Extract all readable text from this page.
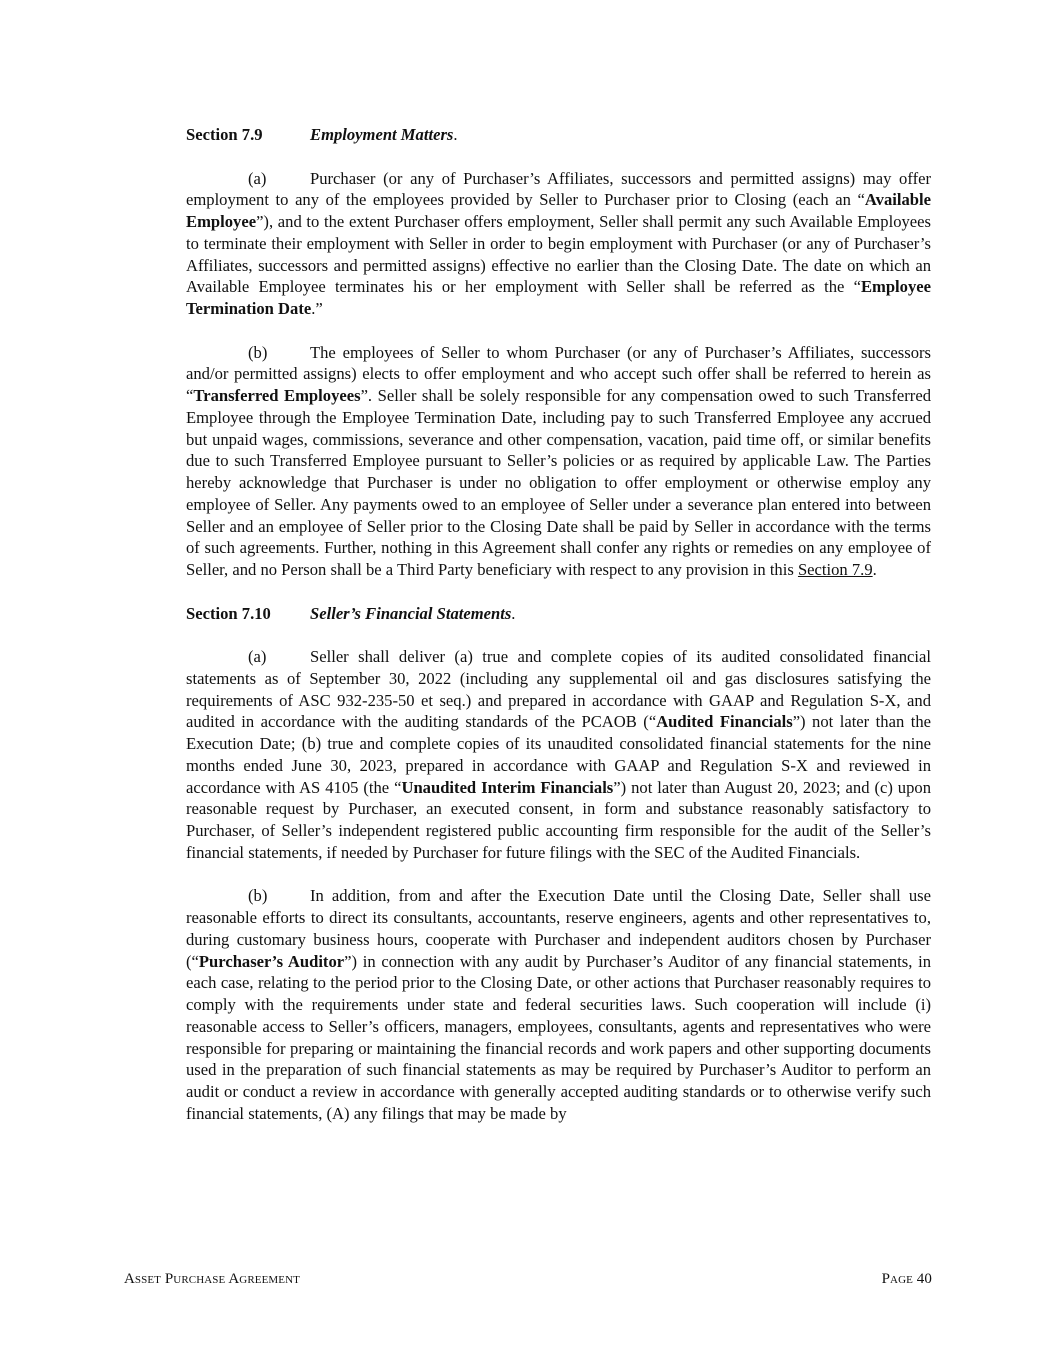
Section 7.9	Employment Matters.

(a)	Purchaser (or any of Purchaser’s Affiliates, successors and permitted assigns) may offer employment to any of the employees provided by Seller to Purchaser prior to Closing (each an “Available Employee”), and to the extent Purchaser offers employment, Seller shall permit any such Available Employees to terminate their employment with Seller in order to begin employment with Purchaser (or any of Purchaser’s Affiliates, successors and permitted assigns) effective no earlier than the Closing Date. The date on which an Available Employee terminates his or her employment with Seller shall be referred as the “Employee Termination Date.”

(b)	The employees of Seller to whom Purchaser (or any of Purchaser’s Affiliates, successors and/or permitted assigns) elects to offer employment and who accept such offer shall be referred to herein as “Transferred Employees”. Seller shall be solely responsible for any compensation owed to such Transferred Employee through the Employee Termination Date, including pay to such Transferred Employee any accrued but unpaid wages, commissions, severance and other compensation, vacation, paid time off, or similar benefits due to such Transferred Employee pursuant to Seller’s policies or as required by applicable Law. The Parties hereby acknowledge that Purchaser is under no obligation to offer employment or otherwise employ any employee of Seller. Any payments owed to an employee of Seller under a severance plan entered into between Seller and an employee of Seller prior to the Closing Date shall be paid by Seller in accordance with the terms of such agreements. Further, nothing in this Agreement shall confer any rights or remedies on any employee of Seller, and no Person shall be a Third Party beneficiary with respect to any provision in this Section 7.9.

Section 7.10 Seller’s Financial Statements.

(a)	Seller shall deliver (a) true and complete copies of its audited consolidated financial statements as of September 30, 2022 (including any supplemental oil and gas disclosures satisfying the requirements of ASC 932-235-50 et seq.) and prepared in accordance with GAAP and Regulation S-X, and audited in accordance with the auditing standards of the PCAOB (“Audited Financials”) not later than the Execution Date; (b) true and complete copies of its unaudited consolidated financial statements for the nine months ended June 30, 2023, prepared in accordance with GAAP and Regulation S-X and reviewed in accordance with AS 4105 (the “Unaudited Interim Financials”) not later than August 20, 2023; and (c) upon reasonable request by Purchaser, an executed consent, in form and substance reasonably satisfactory to Purchaser, of Seller’s independent registered public accounting firm responsible for the audit of the Seller’s financial statements, if needed by Purchaser for future filings with the SEC of the Audited Financials.

(b)	In addition, from and after the Execution Date until the Closing Date, Seller shall use reasonable efforts to direct its consultants, accountants, reserve engineers, agents and other representatives to, during customary business hours, cooperate with Purchaser and independent auditors chosen by Purchaser (“Purchaser’s Auditor”) in connection with any audit by Purchaser’s Auditor of any financial statements, in each case, relating to the period prior to the Closing Date, or other actions that Purchaser reasonably requires to comply with the requirements under state and federal securities laws. Such cooperation will include (i) reasonable access to Seller’s officers, managers, employees, consultants, agents and representatives who were responsible for preparing or maintaining the financial records and work papers and other supporting documents used in the preparation of such financial statements as may be required by Purchaser’s Auditor to perform an audit or conduct a review in accordance with generally accepted auditing standards or to otherwise verify such financial statements, (A) any filings that may be made by

Asset Purchase Agreement	Page 40
